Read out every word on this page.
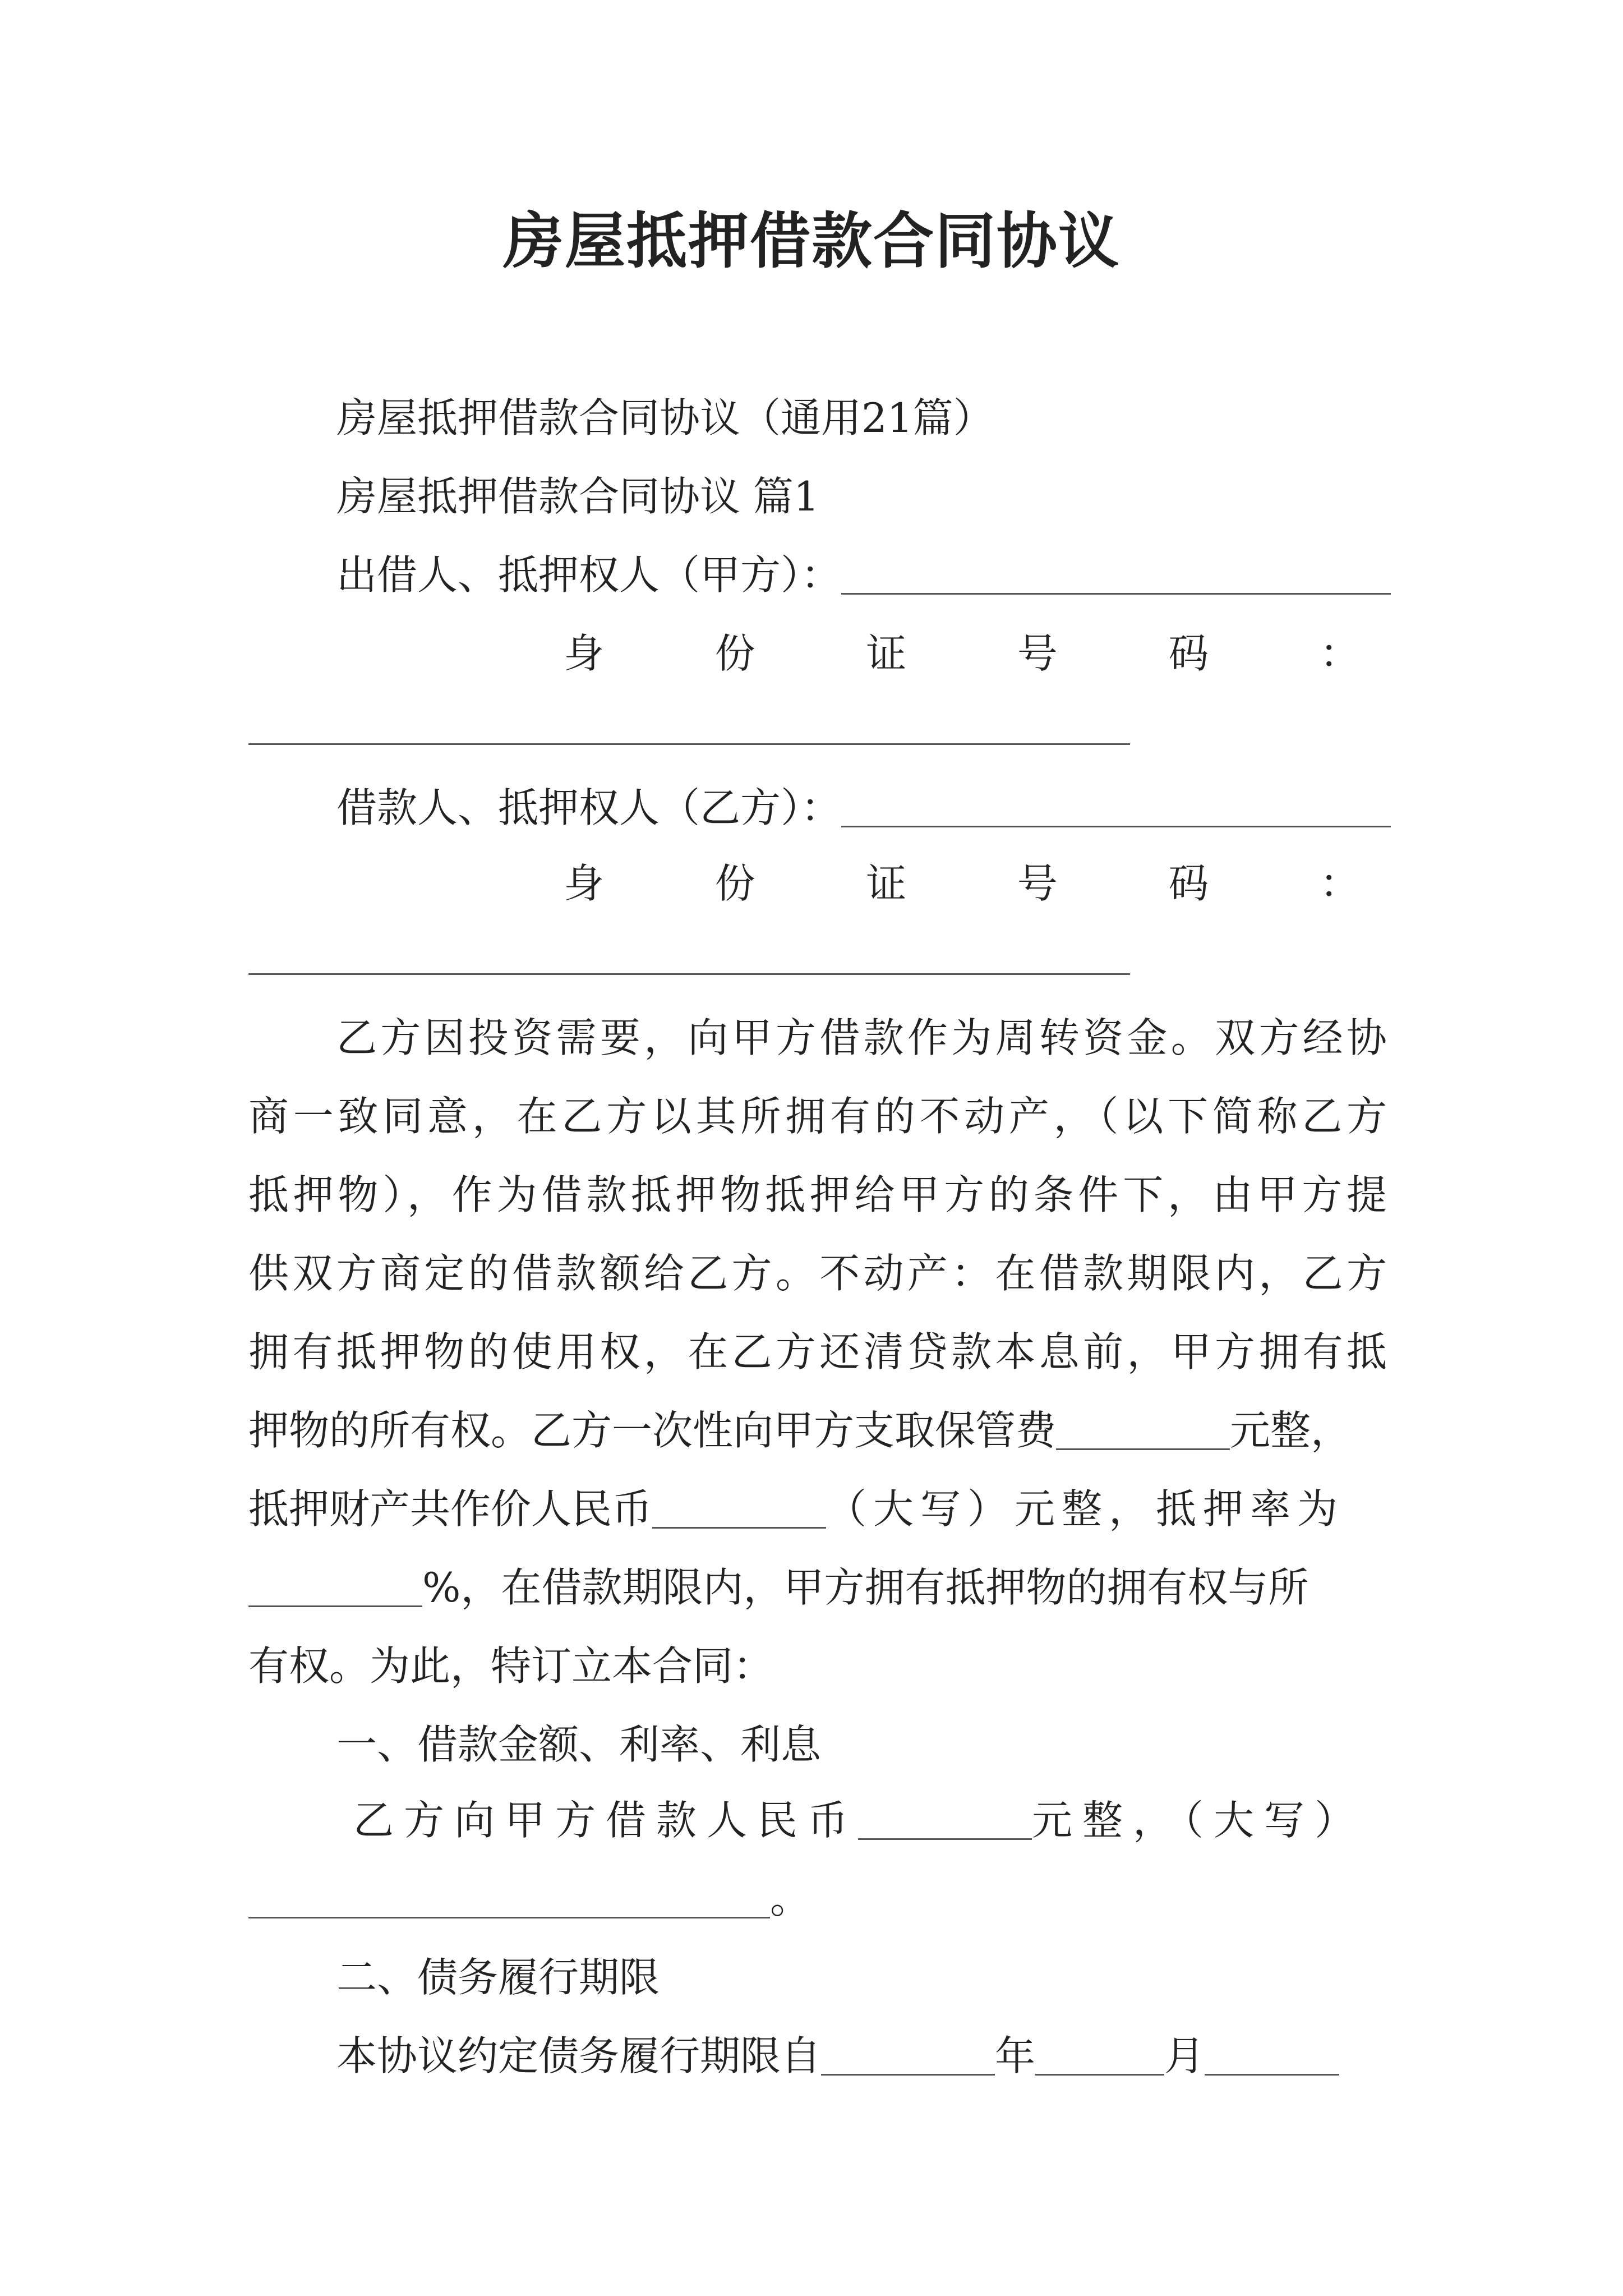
房屋抵押借款合同协议
房屋抵押借款合同协议（通用21篇）
房屋抵押借款合同协议 篇1
出借人、抵押权人（甲方）：
身	份	证	号	码	：
借款人、抵押权人（乙方）：
身	份	证	号	码	：
乙方因投资需要，向甲方借款作为周转资金。双方经协
商一致同意，在乙方以其所拥有的不动产，（以下简称乙方
抵押物），作为借款抵押物抵押给甲方的条件下，由甲方提
供双方商定的借款额给乙方。不动产：在借款期限内，乙方
拥有抵押物的使用权，在乙方还清贷款本息前，甲方拥有抵
押物的所有权。乙方一次性向甲方支取保管费	元整，
抵押财产共作价人民币	（大写）元整，抵押率为
%，在借款期限内，甲方拥有抵押物的拥有权与所
有权。为此，特订立本合同：
一、借款金额、利率、利息
乙方向甲方借款人民币	元整，（大写）
。
二、债务履行期限
本协议约定债务履行期限自	年	月
